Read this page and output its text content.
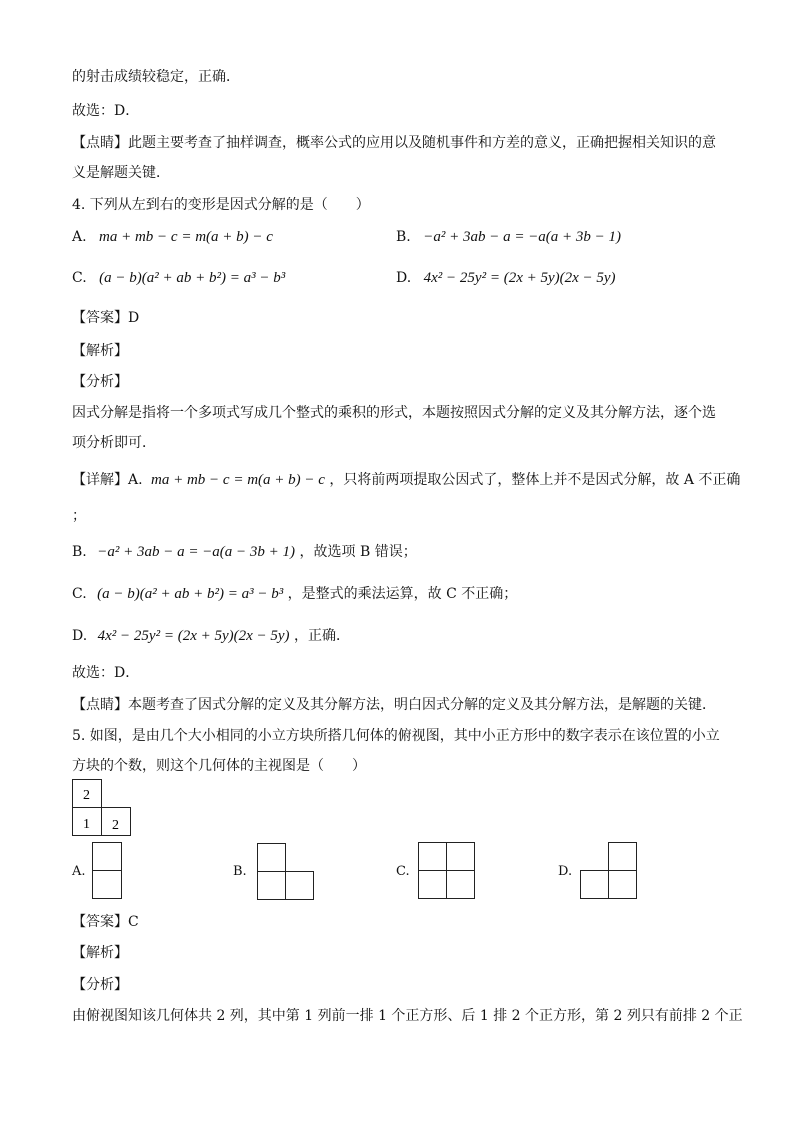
的射击成绩较稳定，正确．
故选：D．
【点睛】此题主要考查了抽样调查，概率公式的应用以及随机事件和方差的意义，正确把握相关知识的意
义是解题关键．
4. 下列从左到右的变形是因式分解的是（　　）
A. ma + mb − c = m(a + b) − c	B. −a² + 3ab − a = −a(a + 3b − 1)
C. (a − b)(a² + ab + b²) = a³ − b³	D. 4x² − 25y² = (2x + 5y)(2x − 5y)
【答案】D
【解析】
【分析】
因式分解是指将一个多项式写成几个整式的乘积的形式，本题按照因式分解的定义及其分解方法，逐个选
项分析即可．
【详解】A. ma + mb − c = m(a + b) − c ，只将前两项提取公因式了，整体上并不是因式分解，故 A 不正确
；
B. −a² + 3ab − a = −a(a − 3b + 1) ，故选项 B 错误；
C. (a − b)(a² + ab + b²) = a³ − b³ ，是整式的乘法运算，故 C 不正确；
D. 4x² − 25y² = (2x + 5y)(2x − 5y) ，正确．
故选：D．
【点睛】本题考查了因式分解的定义及其分解方法，明白因式分解的定义及其分解方法，是解题的关键．
5. 如图，是由几个大小相同的小立方块所搭几何体的俯视图，其中小正方形中的数字表示在该位置的小立
方块的个数，则这个几何体的主视图是（　　）
2
1 2
A.	B.	C.	D.
【答案】C
【解析】
【分析】
由俯视图知该几何体共 2 列，其中第 1 列前一排 1 个正方形、后 1 排 2 个正方形，第 2 列只有前排 2 个正
